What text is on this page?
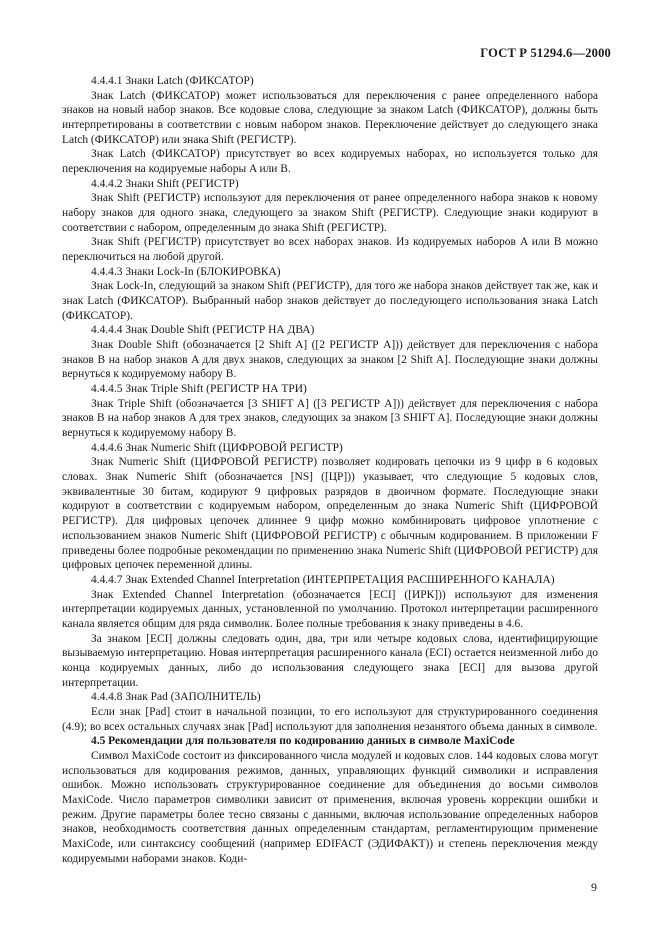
ГОСТ Р 51294.6—2000

4.4.4.1 Знаки Latch (ФИКСАТОР)

Знак Latch (ФИКСАТОР) может использоваться для переключения с ранее определенного набора знаков на новый набор знаков. Все кодовые слова, следующие за знаком Latch (ФИКСАТОР), должны быть интерпретированы в соответствии с новым набором знаков. Переключение действует до следующего знака Latch (ФИКСАТОР) или знака Shift (РЕГИСТР).

Знак Latch (ФИКСАТОР) присутствует во всех кодируемых наборах, но используется только для переключения на кодируемые наборы A или B.

4.4.4.2 Знаки Shift (РЕГИСТР)

Знак Shift (РЕГИСТР) используют для переключения от ранее определенного набора знаков к новому набору знаков для одного знака, следующего за знаком Shift (РЕГИСТР). Следующие знаки кодируют в соответствии с набором, определенным до знака Shift (РЕГИСТР).

Знак Shift (РЕГИСТР) присутствует во всех наборах знаков. Из кодируемых наборов A или B можно переключиться на любой другой.

4.4.4.3 Знаки Lock-In (БЛОКИРОВКА)

Знак Lock-In, следующий за знаком Shift (РЕГИСТР), для того же набора знаков действует так же, как и знак Latch (ФИКСАТОР). Выбранный набор знаков действует до последующего использования знака Latch (ФИКСАТОР).

4.4.4.4 Знак Double Shift (РЕГИСТР НА ДВА)

Знак Double Shift (обозначается [2 Shift A] ([2 РЕГИСТР A])) действует для переключения с набора знаков B на набор знаков A для двух знаков, следующих за знаком [2 Shift A]. Последующие знаки должны вернуться к кодируемому набору B.

4.4.4.5 Знак Triple Shift (РЕГИСТР НА ТРИ)

Знак Triple Shift (обозначается [3 SHIFT A] ([3 РЕГИСТР A])) действует для переключения с набора знаков B на набор знаков A для трех знаков, следующих за знаком [3 SHIFT A]. Последующие знаки должны вернуться к кодируемому набору B.

4.4.4.6 Знак Numeric Shift (ЦИФРОВОЙ РЕГИСТР)

Знак Numeric Shift (ЦИФРОВОЙ РЕГИСТР) позволяет кодировать цепочки из 9 цифр в 6 кодовых словах. Знак Numeric Shift (обозначается [NS] ([ЦР])) указывает, что следующие 5 кодовых слов, эквивалентные 30 битам, кодируют 9 цифровых разрядов в двоичном формате. Последующие знаки кодируют в соответствии с кодируемым набором, определенным до знака Numeric Shift (ЦИФРОВОЙ РЕГИСТР). Для цифровых цепочек длиннее 9 цифр можно комбинировать цифровое уплотнение с использованием знаков Numeric Shift (ЦИФРОВОЙ РЕГИСТР) с обычным кодированием. В приложении F приведены более подробные рекомендации по применению знака Numeric Shift (ЦИФРОВОЙ РЕГИСТР) для цифровых цепочек переменной длины.

4.4.4.7 Знак Extended Channel Interpretation (ИНТЕРПРЕТАЦИЯ РАСШИРЕННОГО КАНАЛА)

Знак Extended Channel Interpretation (обозначается [ECI] ([ИРК])) используют для изменения интерпретации кодируемых данных, установленной по умолчанию. Протокол интерпретации расширенного канала является общим для ряда символик. Более полные требования к знаку приведены в 4.6.

За знаком [ECI] должны следовать один, два, три или четыре кодовых слова, идентифицирующие вызываемую интерпретацию. Новая интерпретация расширенного канала (ECI) остается неизменной либо до конца кодируемых данных, либо до использования следующего знака [ECI] для вызова другой интерпретации.

4.4.4.8 Знак Pad (ЗАПОЛНИТЕЛЬ)

Если знак [Pad] стоит в начальной позиции, то его используют для структурированного соединения (4.9); во всех остальных случаях знак [Pad] используют для заполнения незанятого объема данных в символе.

4.5 Рекомендации для пользователя по кодированию данных в символе MaxiCode

Символ MaxiCode состоит из фиксированного числа модулей и кодовых слов. 144 кодовых слова могут использоваться для кодирования режимов, данных, управляющих функций символики и исправления ошибок. Можно использовать структурированное соединение для объединения до восьми символов MaxiCode. Число параметров символики зависит от применения, включая уровень коррекции ошибки и режим. Другие параметры более тесно связаны с данными, включая использование определенных наборов знаков, необходимость соответствия данных определенным стандартам, регламентирующим применение MaxiCode, или синтаксису сообщений (например EDIFACT (ЭДИФАКТ)) и степень переключения между кодируемыми наборами знаков. Коди-

9
